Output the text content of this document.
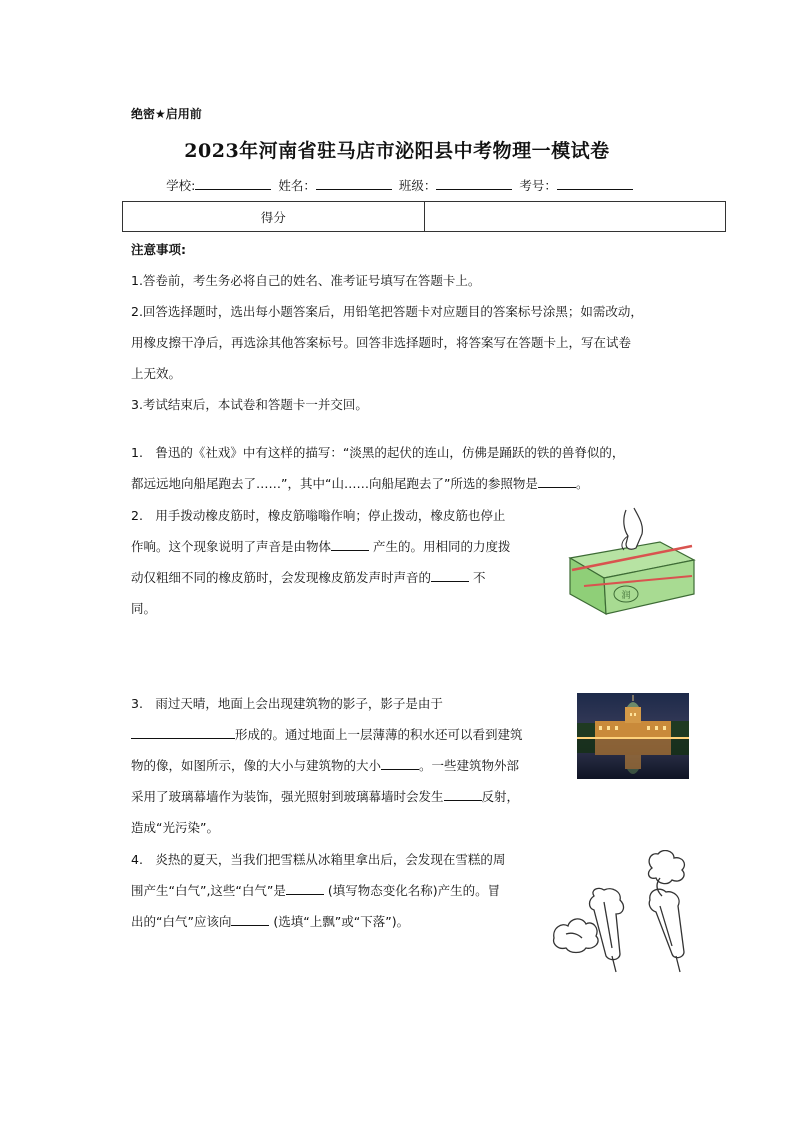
绝密★启用前
2023年河南省驻马店市泌阳县中考物理一模试卷
学校:	姓名：	班级：	考号：
得分	
注意事项:
1.答卷前，考生务必将自己的姓名、准考证号填写在答题卡上。
2.回答选择题时，选出每小题答案后，用铅笔把答题卡对应题目的答案标号涂黑；如需改动，
用橡皮擦干净后，再选涂其他答案标号。回答非选择题时，将答案写在答题卡上，写在试卷
上无效。
3.考试结束后，本试卷和答题卡一并交回。
1.　鲁迅的《社戏》中有这样的描写：“淡黑的起伏的连山，仿佛是踊跃的铁的兽脊似的，
都远远地向船尾跑去了……”，其中“山……向船尾跑去了”所选的参照物是	。
2.　用手拨动橡皮筋时，橡皮筋嗡嗡作响；停止拨动，橡皮筋也停止
作响。这个现象说明了声音是由物体	产生的。用相同的力度拨
动仅粗细不同的橡皮筋时，会发现橡皮筋发声时声音的	不
同。
润
3.　雨过天晴，地面上会出现建筑物的影子，影子是由于
形成的。通过地面上一层薄薄的积水还可以看到建筑
物的像，如图所示，像的大小与建筑物的大小	。一些建筑物外部
采用了玻璃幕墙作为装饰，强光照射到玻璃幕墙时会发生	反射，
造成“光污染”。
4.　炎热的夏天，当我们把雪糕从冰箱里拿出后，会发现在雪糕的周
围产生“白气”,这些“白气”是	(填写物态变化名称)产生的。冒
出的“白气”应该向	(选填“上飘”或“下落”)。
